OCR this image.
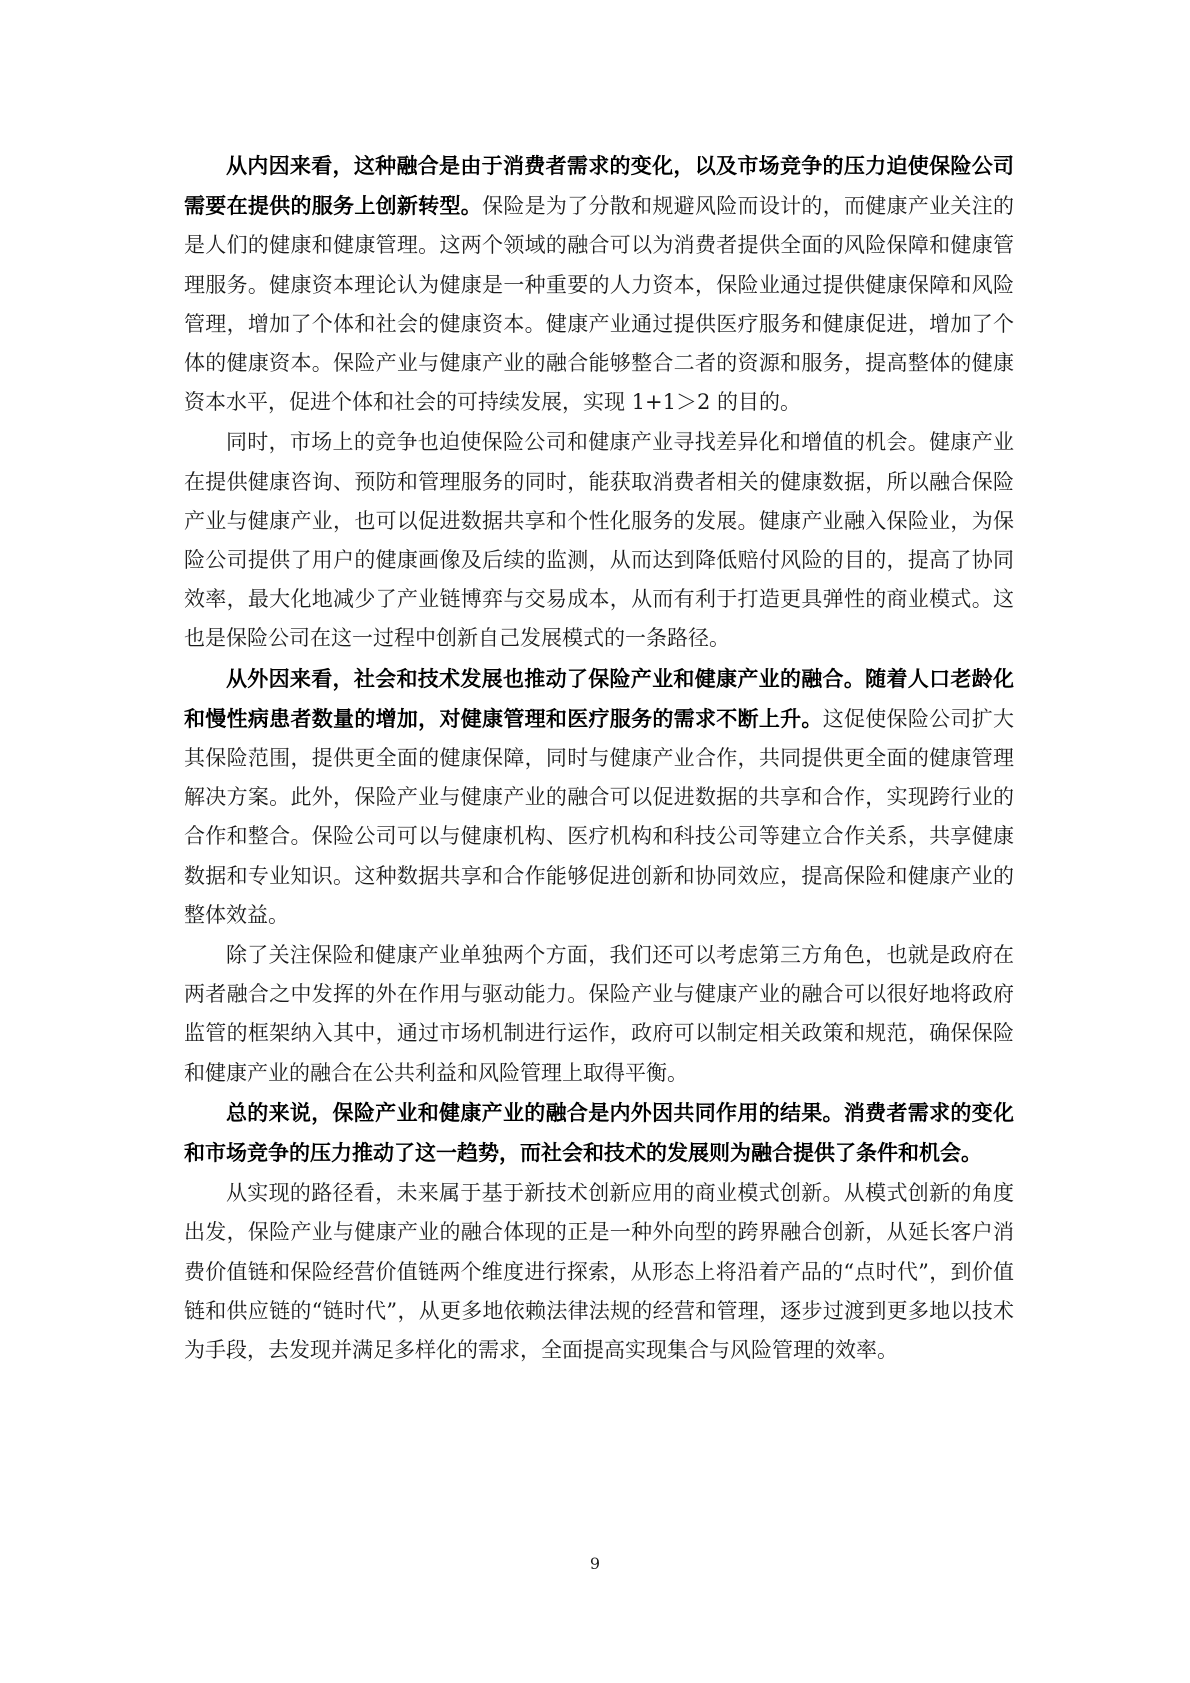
从内因来看，这种融合是由于消费者需求的变化，以及市场竞争的压力迫使保险公司需要在提供的服务上创新转型。保险是为了分散和规避风险而设计的，而健康产业关注的是人们的健康和健康管理。这两个领域的融合可以为消费者提供全面的风险保障和健康管理服务。健康资本理论认为健康是一种重要的人力资本，保险业通过提供健康保障和风险管理，增加了个体和社会的健康资本。健康产业通过提供医疗服务和健康促进，增加了个体的健康资本。保险产业与健康产业的融合能够整合二者的资源和服务，提高整体的健康资本水平，促进个体和社会的可持续发展，实现 1+1＞2 的目的。

同时，市场上的竞争也迫使保险公司和健康产业寻找差异化和增值的机会。健康产业在提供健康咨询、预防和管理服务的同时，能获取消费者相关的健康数据，所以融合保险产业与健康产业，也可以促进数据共享和个性化服务的发展。健康产业融入保险业，为保险公司提供了用户的健康画像及后续的监测，从而达到降低赔付风险的目的，提高了协同效率，最大化地减少了产业链博弈与交易成本，从而有利于打造更具弹性的商业模式。这也是保险公司在这一过程中创新自己发展模式的一条路径。

从外因来看，社会和技术发展也推动了保险产业和健康产业的融合。随着人口老龄化和慢性病患者数量的增加，对健康管理和医疗服务的需求不断上升。这促使保险公司扩大其保险范围，提供更全面的健康保障，同时与健康产业合作，共同提供更全面的健康管理解决方案。此外，保险产业与健康产业的融合可以促进数据的共享和合作，实现跨行业的合作和整合。保险公司可以与健康机构、医疗机构和科技公司等建立合作关系，共享健康数据和专业知识。这种数据共享和合作能够促进创新和协同效应，提高保险和健康产业的整体效益。

除了关注保险和健康产业单独两个方面，我们还可以考虑第三方角色，也就是政府在两者融合之中发挥的外在作用与驱动能力。保险产业与健康产业的融合可以很好地将政府监管的框架纳入其中，通过市场机制进行运作，政府可以制定相关政策和规范，确保保险和健康产业的融合在公共利益和风险管理上取得平衡。

总的来说，保险产业和健康产业的融合是内外因共同作用的结果。消费者需求的变化和市场竞争的压力推动了这一趋势，而社会和技术的发展则为融合提供了条件和机会。

从实现的路径看，未来属于基于新技术创新应用的商业模式创新。从模式创新的角度出发，保险产业与健康产业的融合体现的正是一种外向型的跨界融合创新，从延长客户消费价值链和保险经营价值链两个维度进行探索，从形态上将沿着产品的“点时代”，到价值链和供应链的“链时代”，从更多地依赖法律法规的经营和管理，逐步过渡到更多地以技术为手段，去发现并满足多样化的需求，全面提高实现集合与风险管理的效率。

9
